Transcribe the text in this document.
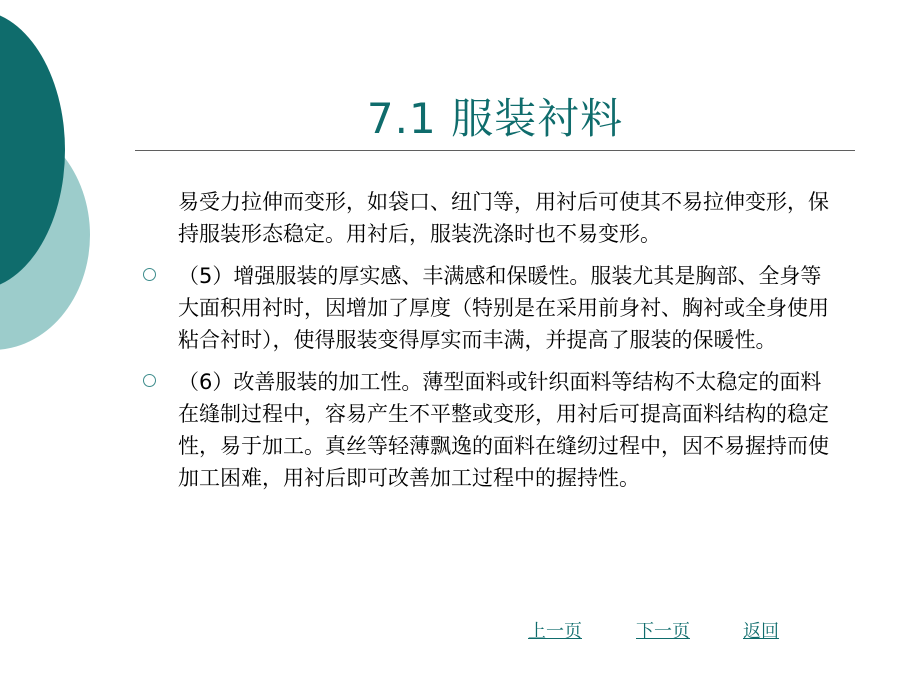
7.1 服装衬料
易受力拉伸而变形，如袋口、纽门等，用衬后可使其不易拉伸变形，保持服装形态稳定。用衬后，服装洗涤时也不易变形。
（5）增强服装的厚实感、丰满感和保暖性。服装尤其是胸部、全身等大面积用衬时，因增加了厚度（特别是在采用前身衬、胸衬或全身使用粘合衬时），使得服装变得厚实而丰满，并提高了服装的保暖性。
（6）改善服装的加工性。薄型面料或针织面料等结构不太稳定的面料在缝制过程中，容易产生不平整或变形，用衬后可提高面料结构的稳定性，易于加工。真丝等轻薄飘逸的面料在缝纫过程中，因不易握持而使加工困难，用衬后即可改善加工过程中的握持性。
上一页	下一页	返回
